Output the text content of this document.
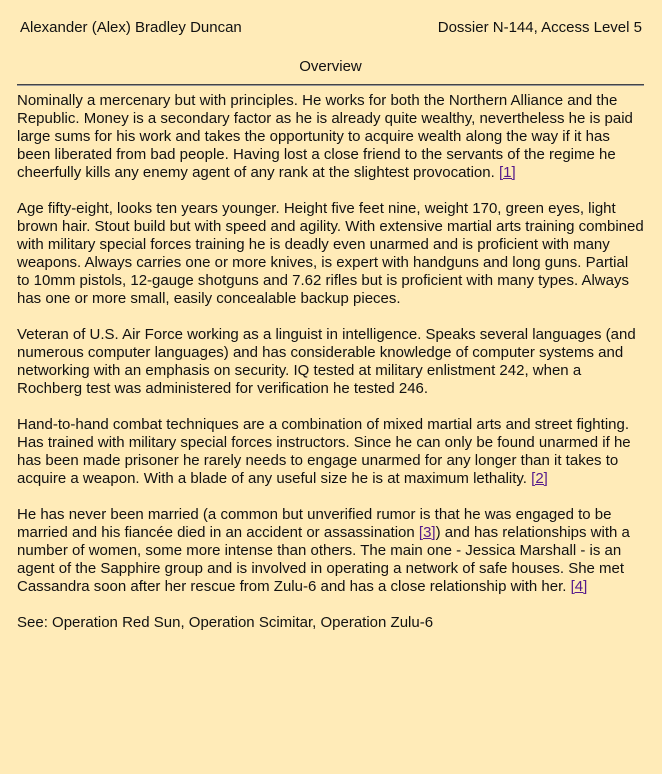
Alexander (Alex) Bradley Duncan	Dossier N-144, Access Level 5
Overview

Nominally a mercenary but with principles. He works for both the Northern Alliance and the Republic. Money is a secondary factor as he is already quite wealthy, nevertheless he is paid large sums for his work and takes the opportunity to acquire wealth along the way if it has been liberated from bad people. Having lost a close friend to the servants of the regime he cheerfully kills any enemy agent of any rank at the slightest provocation. [1]

Age fifty-eight, looks ten years younger. Height five feet nine, weight 170, green eyes, light brown hair. Stout build but with speed and agility. With extensive martial arts training combined with military special forces training he is deadly even unarmed and is proficient with many weapons. Always carries one or more knives, is expert with handguns and long guns. Partial to 10mm pistols, 12-gauge shotguns and 7.62 rifles but is proficient with many types. Always has one or more small, easily concealable backup pieces.

Veteran of U.S. Air Force working as a linguist in intelligence. Speaks several languages (and numerous computer languages) and has considerable knowledge of computer systems and networking with an emphasis on security. IQ tested at military enlistment 242, when a Rochberg test was administered for verification he tested 246.

Hand-to-hand combat techniques are a combination of mixed martial arts and street fighting. Has trained with military special forces instructors. Since he can only be found unarmed if he has been made prisoner he rarely needs to engage unarmed for any longer than it takes to acquire a weapon. With a blade of any useful size he is at maximum lethality. [2]

He has never been married (a common but unverified rumor is that he was engaged to be married and his fiancée died in an accident or assassination [3]) and has relationships with a number of women, some more intense than others. The main one - Jessica Marshall - is an agent of the Sapphire group and is involved in operating a network of safe houses. She met Cassandra soon after her rescue from Zulu-6 and has a close relationship with her. [4]

See: Operation Red Sun, Operation Scimitar, Operation Zulu-6
